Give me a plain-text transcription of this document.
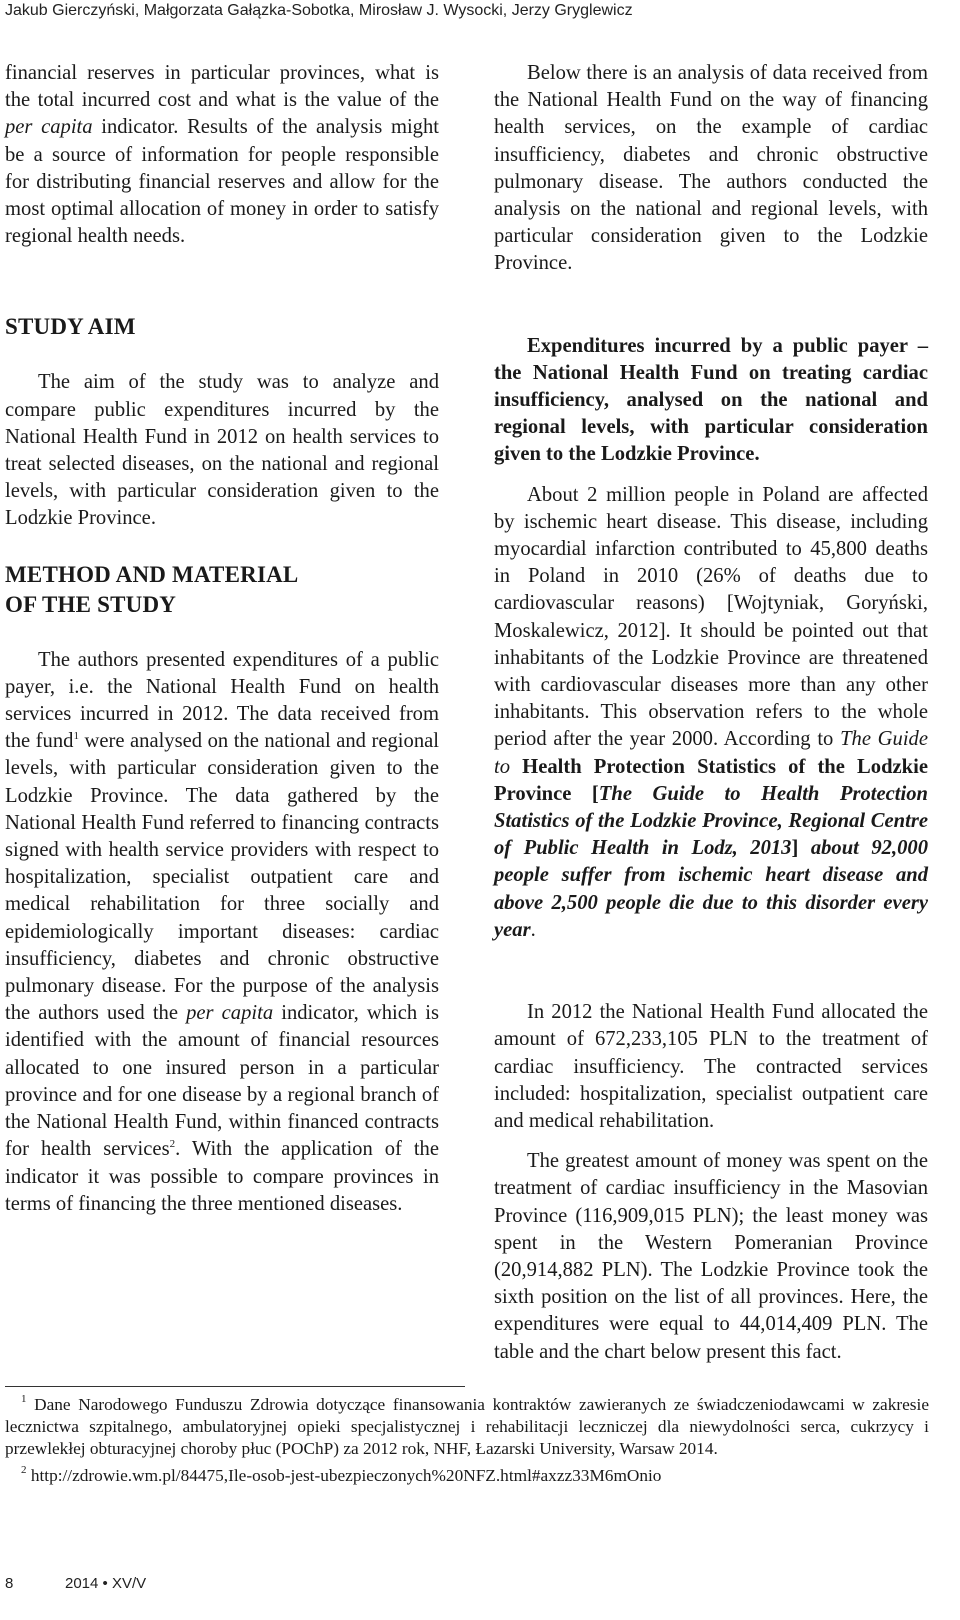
Jakub Gierczyński, Małgorzata Gałązka-Sobotka, Mirosław J. Wysocki, Jerzy Gryglewicz

financial reserves in particular provinces, what is the total incurred cost and what is the value of the per capita indicator. Results of the analysis might be a source of information for people responsible for distributing financial reserves and allow for the most optimal allocation of money in order to satisfy regional health needs.

STUDY AIM

The aim of the study was to analyze and compare public expenditures incurred by the National Health Fund in 2012 on health services to treat selected diseases, on the national and regional levels, with particular consideration given to the Lodzkie Province.

METHOD AND MATERIAL
OF THE STUDY

The authors presented expenditures of a public payer, i.e. the National Health Fund on health services incurred in 2012. The data received from the fund$^1$ were analysed on the national and regional levels, with particular consideration given to the Lodzkie Province. The data gathered by the National Health Fund referred to financing contracts signed with health service providers with respect to hospitalization, specialist outpatient care and medical rehabilitation for three socially and epidemiologically important diseases: cardiac insufficiency, diabetes and chronic obstructive pulmonary disease. For the purpose of the analysis the authors used the per capita indicator, which is identified with the amount of financial resources allocated to one insured person in a particular province and for one disease by a regional branch of the National Health Fund, within financed contracts for health services$^2$. With the application of the indicator it was possible to compare provinces in terms of financing the three mentioned diseases.

Below there is an analysis of data received from the National Health Fund on the way of financing health services, on the example of cardiac insufficiency, diabetes and chronic obstructive pulmonary disease. The authors conducted the analysis on the national and regional levels, with particular consideration given to the Lodzkie Province.

Expenditures incurred by a public payer – the National Health Fund on treating cardiac insufficiency, analysed on the national and regional levels, with particular consideration given to the Lodzkie Province.

About 2 million people in Poland are affected by ischemic heart disease. This disease, including myocardial infarction contributed to 45,800 deaths in Poland in 2010 (26% of deaths due to cardiovascular reasons) [Wojtyniak, Goryński, Moskalewicz, 2012]. It should be pointed out that inhabitants of the Lodzkie Province are threatened with cardiovascular diseases more than any other inhabitants. This observation refers to the whole period after the year 2000. According to The Guide to Health Protection Statistics of the Lodzkie Province [The Guide to Health Protection Statistics of the Lodzkie Province, Regional Centre of Public Health in Lodz, 2013] about 92,000 people suffer from ischemic heart disease and above 2,500 people die due to this disorder every year.

In 2012 the National Health Fund allocated the amount of 672,233,105 PLN to the treatment of cardiac insufficiency. The contracted services included: hospitalization, specialist outpatient care and medical rehabilitation.

The greatest amount of money was spent on the treatment of cardiac insufficiency in the Masovian Province (116,909,015 PLN); the least money was spent in the Western Pomeranian Province (20,914,882 PLN). The Lodzkie Province took the sixth position on the list of all provinces. Here, the expenditures were equal to 44,014,409 PLN. The table and the chart below present this fact.

$^1$ Dane Narodowego Funduszu Zdrowia dotyczące finansowania kontraktów zawieranych ze świadczeniodawcami w zakresie lecznictwa szpitalnego, ambulatoryjnej opieki specjalistycznej i rehabilitacji leczniczej dla niewydolności serca, cukrzycy i przewlekłej obturacyjnej choroby płuc (POChP) za 2012 rok, NHF, Łazarski University, Warsaw 2014.

$^2$ http://zdrowie.wm.pl/84475,Ile-osob-jest-ubezpieczonych%20NFZ.html#axzz33M6mOnio

8	2014 • XV/V
